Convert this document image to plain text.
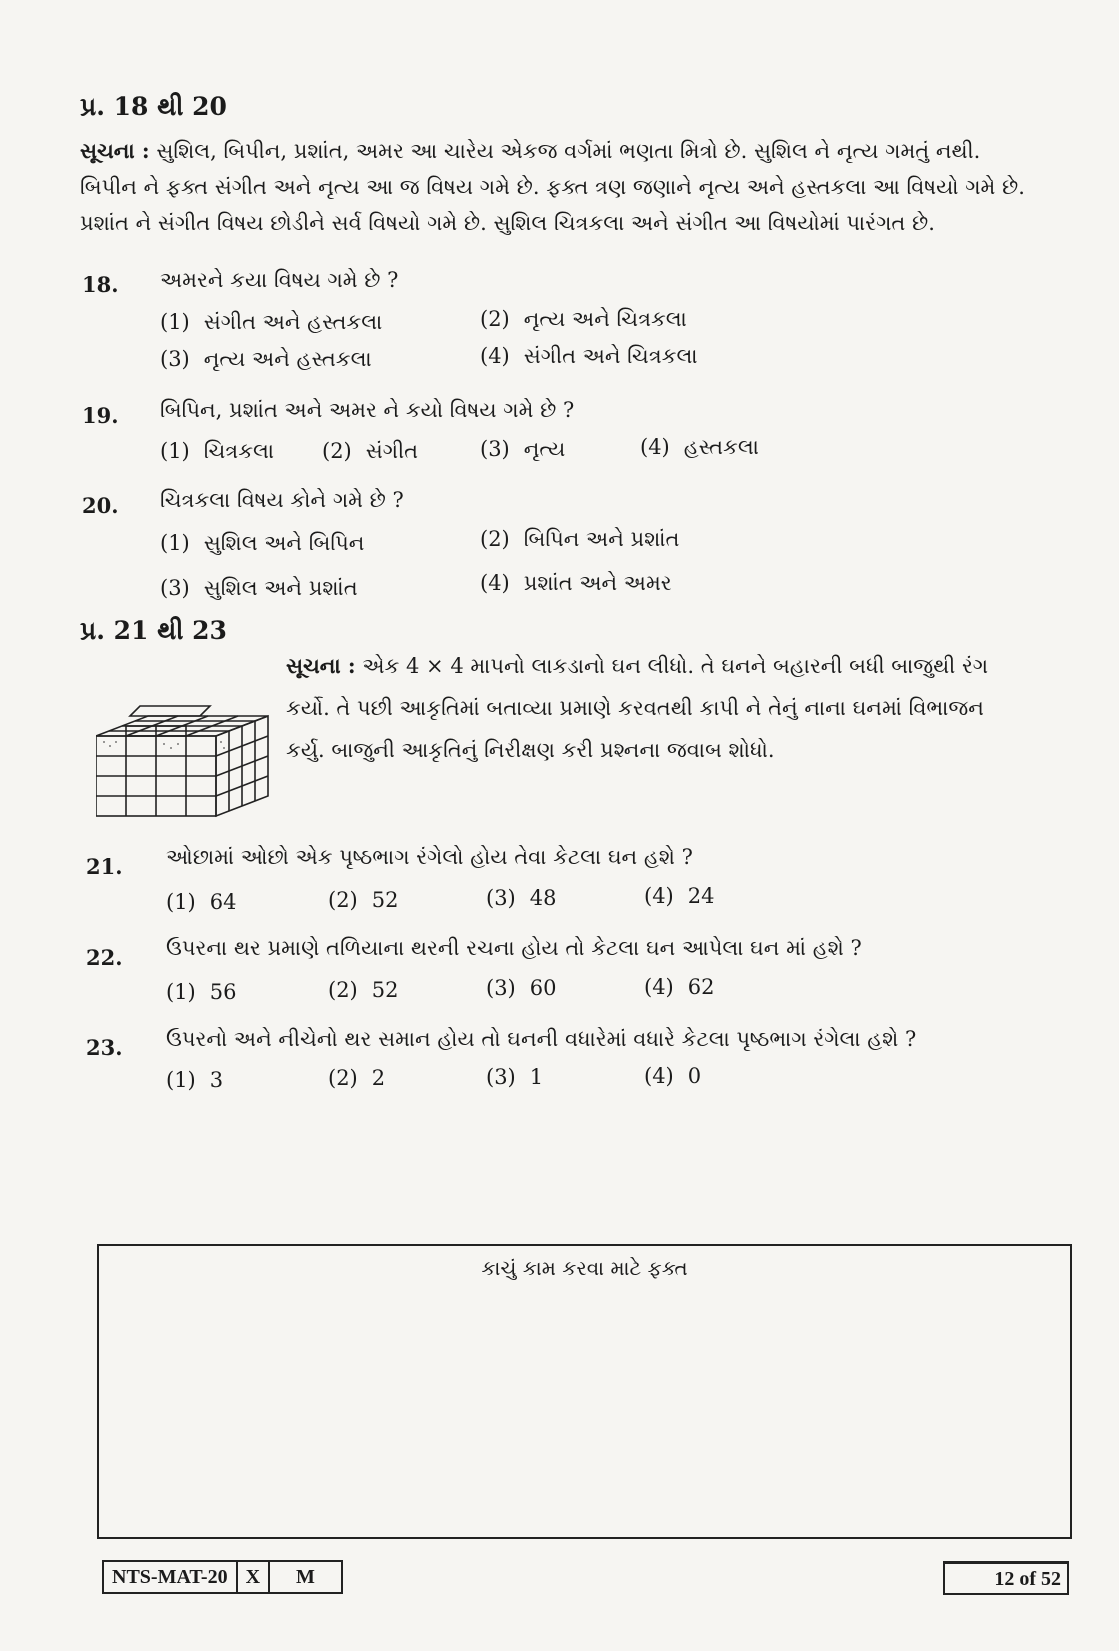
પ્ર. 18 થી 20
સૂચના : સુશિલ, બિપીન, પ્રશાંત, અમર આ ચારેય એકજ વર્ગમાં ભણતા મિત્રો છે. સુશિલ ને નૃત્ય ગમતું નથી.
બિપીન ને ફક્ત સંગીત અને નૃત્ય આ જ વિષય ગમે છે. ફક્ત ત્રણ જણાને નૃત્ય અને હસ્તકલા આ વિષયો ગમે છે.
પ્રશાંત ને સંગીત વિષય છોડીને સર્વ વિષયો ગમે છે. સુશિલ ચિત્રકલા અને સંગીત આ વિષયોમાં પારંગત છે.
18. અમરને કયા વિષય ગમે છે ?
(1) સંગીત અને હસ્તકલા	(2) નૃત્ય અને ચિત્રકલા
(3) નૃત્ય અને હસ્તકલા	(4) સંગીત અને ચિત્રકલા
19. બિપિન, પ્રશાંત અને અમર ને કયો વિષય ગમે છે ?
(1) ચિત્રકલા (2) સંગીત	(3) નૃત્ય	(4) હસ્તકલા
20. ચિત્રકલા વિષય કોને ગમે છે ?
(1) સુશિલ અને બિપિન	(2) બિપિન અને પ્રશાંત
(3) સુશિલ અને પ્રશાંત	(4) પ્રશાંત અને અમર
પ્ર. 21 થી 23
સૂચના : એક 4 × 4 માપનો લાકડાનો ઘન લીધો. તે ઘનને બહારની બધી બાજુથી રંગ
કર્યો. તે પછી આકૃતિમાં બતાવ્યા પ્રમાણે કરવતથી કાપી ને તેનું નાના ઘનમાં વિભાજન
કર્યુ. બાજુની આકૃતિનું નિરીક્ષણ કરી પ્રશ્નના જવાબ શોધો.
21. ઓછામાં ઓછો એક પૃષ્ઠભાગ રંગેલો હોય તેવા કેટલા ઘન હશે ?
(1) 64	(2) 52	(3) 48	(4) 24
22. ઉપરના થર પ્રમાણે તળિયાના થરની રચના હોય તો કેટલા ઘન આપેલા ઘન માં હશે ?
(1) 56	(2) 52	(3) 60	(4) 62
23. ઉપરનો અને નીચેનો થર સમાન હોય તો ઘનની વધારેમાં વધારે કેટલા પૃષ્ઠભાગ રંગેલા હશે ?
(1) 3	(2) 2	(3) 1	(4) 0
કાચું કામ કરવા માટે ફક્ત
NTS-MAT-20 X	M	12 of 52
